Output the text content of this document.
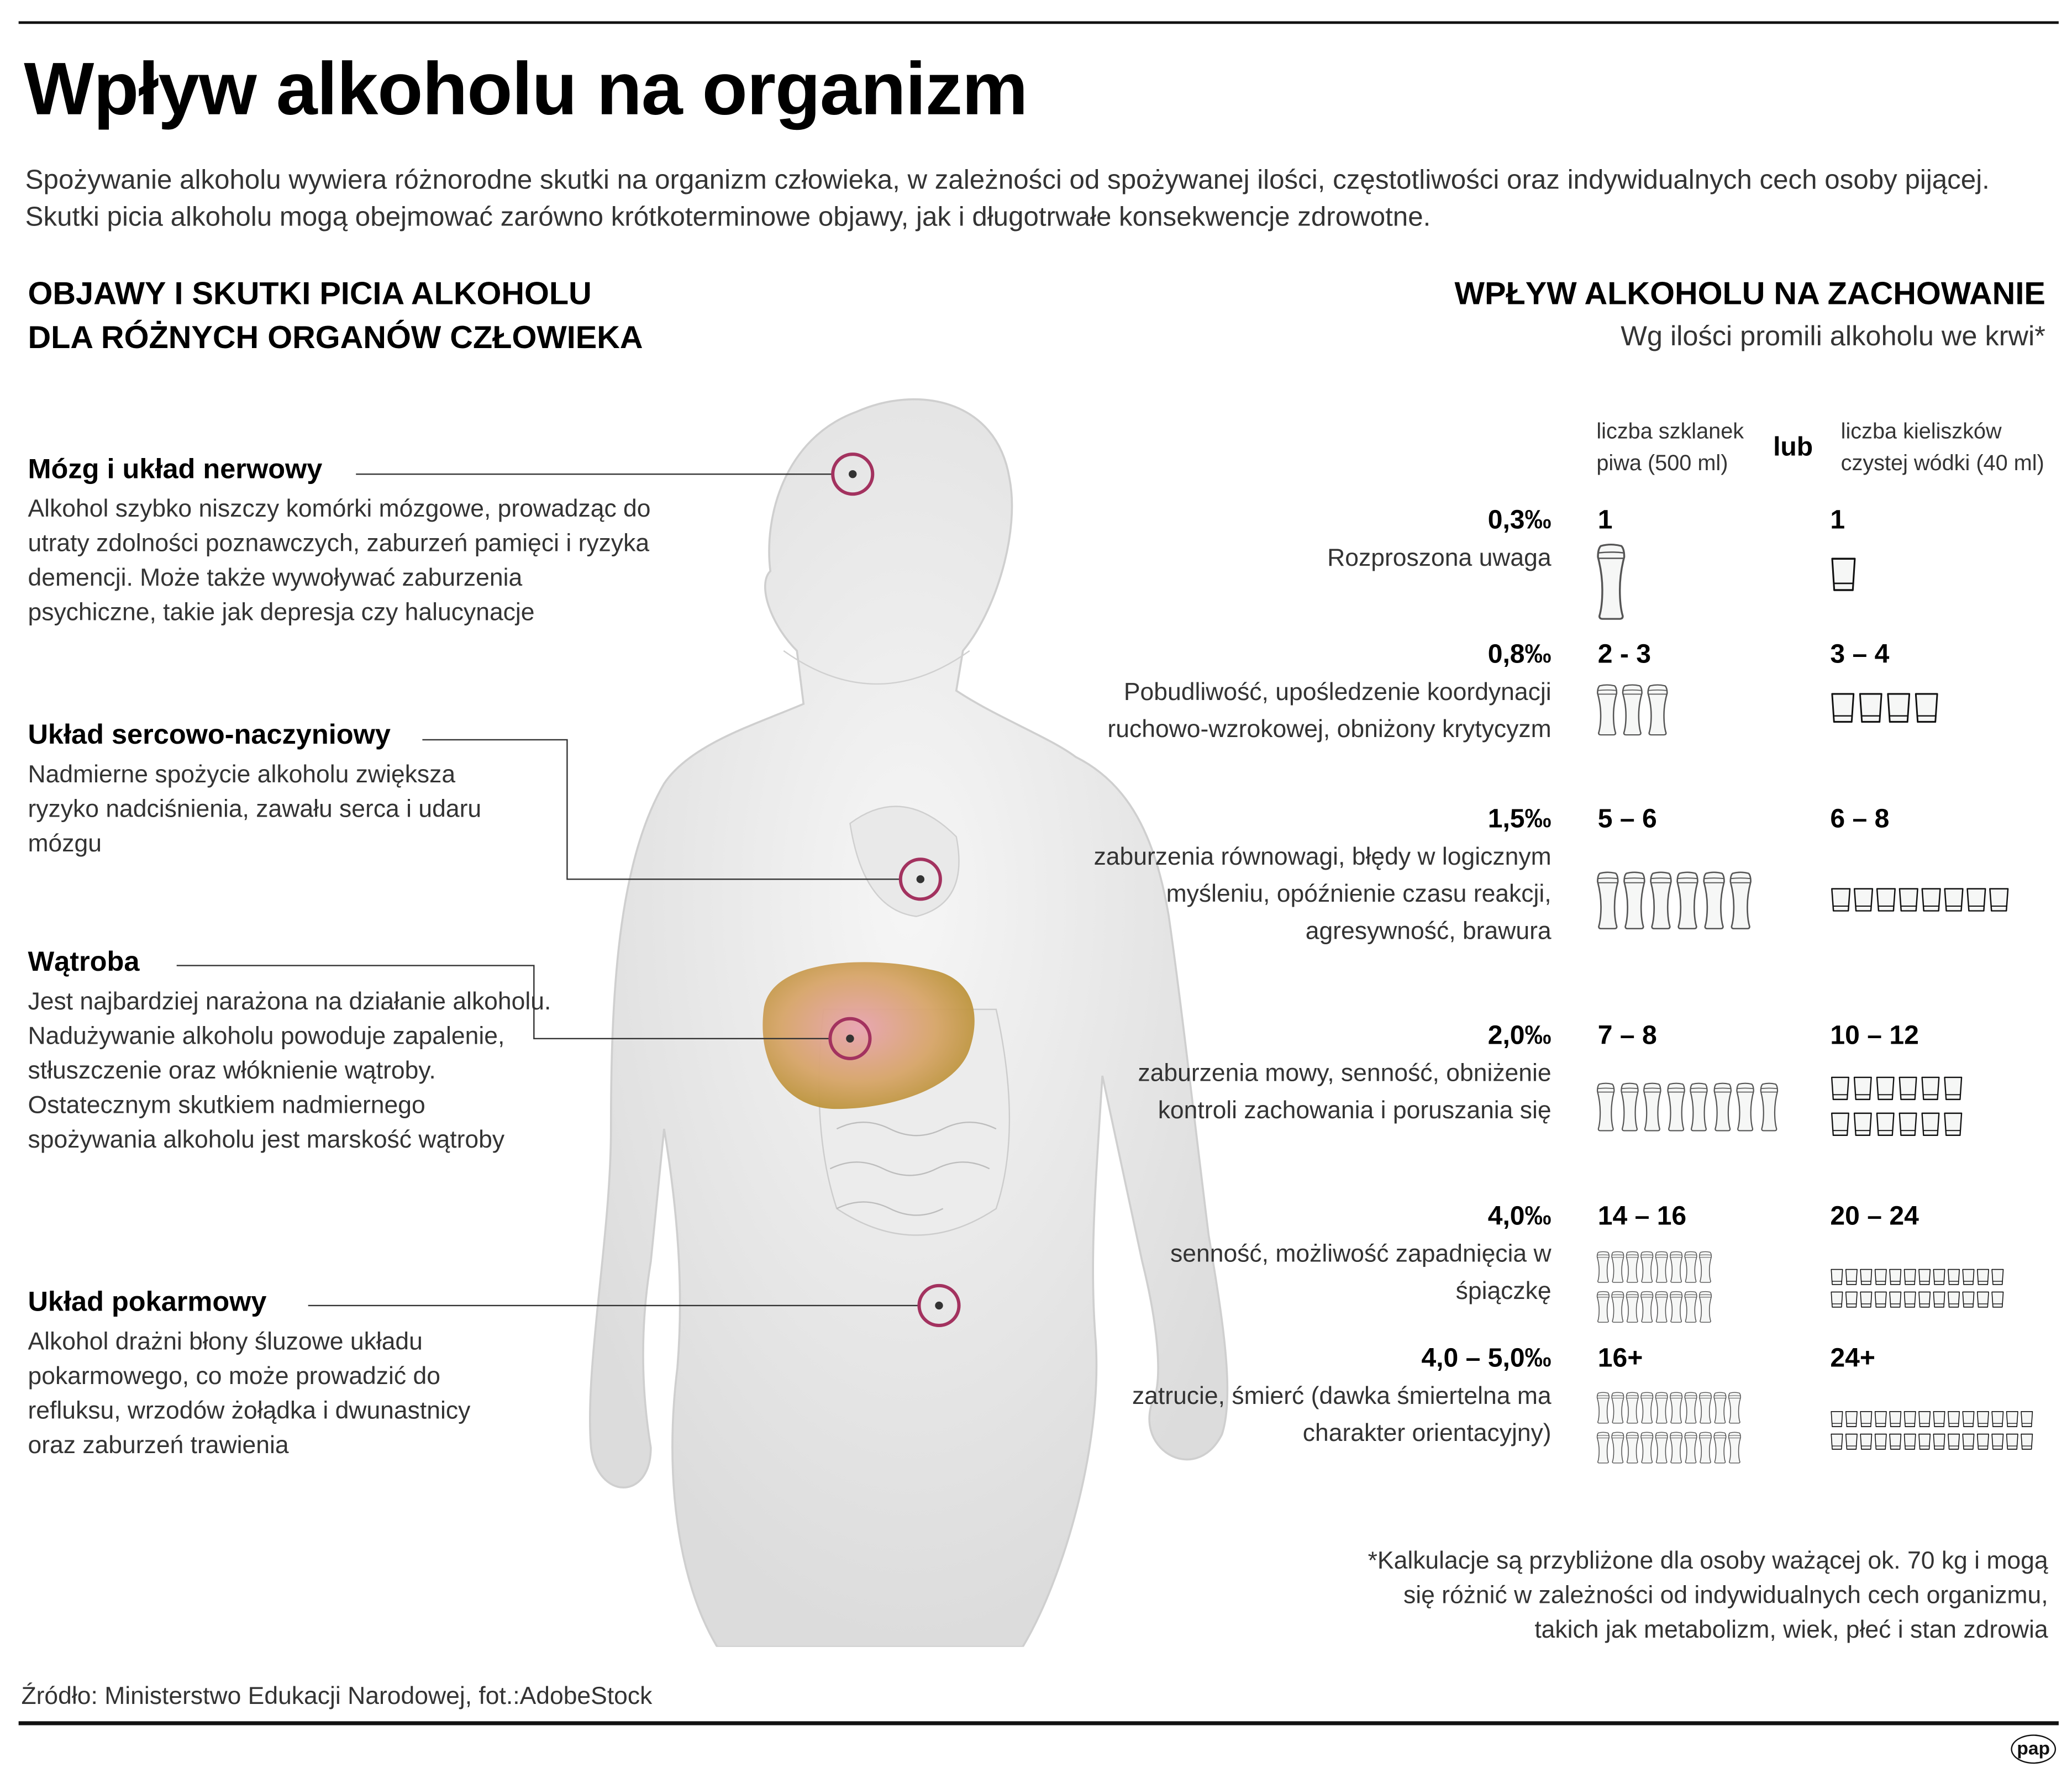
Wpływ alkoholu na organizm
Spożywanie alkoholu wywiera różnorodne skutki na organizm człowieka, w zależności od spożywanej ilości, częstotliwości oraz indywidualnych cech osoby pijącej. Skutki picia alkoholu mogą obejmować zarówno krótkoterminowe objawy, jak i długotrwałe konsekwencje zdrowotne.
OBJAWY I SKUTKI PICIA ALKOHOLU
DLA RÓŻNYCH ORGANÓW CZŁOWIEKA
Mózg i układ nerwowy
Alkohol szybko niszczy komórki mózgowe, prowadząc do utraty zdolności poznawczych, zaburzeń pamięci i ryzyka demencji. Może także wywoływać zaburzenia psychiczne, takie jak depresja czy halucynacje
Układ sercowo-naczyniowy
Nadmierne spożycie alkoholu zwiększa ryzyko nadciśnienia, zawału serca i udaru mózgu
Wątroba
Jest najbardziej narażona na działanie alkoholu. Nadużywanie alkoholu powoduje zapalenie, stłuszczenie oraz włóknienie wątroby. Ostatecznym skutkiem nadmiernego spożywania alkoholu jest marskość wątroby
Układ pokarmowy
Alkohol drażni błony śluzowe układu pokarmowego, co może prowadzić do refluksu, wrzodów żołądka i dwunastnicy oraz zaburzeń trawienia
WPŁYW ALKOHOLU NA ZACHOWANIE
Wg ilości promili alkoholu we krwi*
liczba szklanek piwa (500 ml)
lub
liczba kieliszków czystej wódki (40 ml)
0,3‰
Rozproszona uwaga
1	1
0,8‰
Pobudliwość, upośledzenie koordynacji ruchowo-wzrokowej, obniżony krytycyzm
2 - 3	3 – 4
1,5‰
zaburzenia równowagi, błędy w logicznym myśleniu, opóźnienie czasu reakcji, agresywność, brawura
5 – 6	6 – 8
2,0‰
zaburzenia mowy, senność, obniżenie kontroli zachowania i poruszania się
7 – 8	10 – 12
4,0‰
senność, możliwość zapadnięcia w śpiączkę
14 – 16	20 – 24
4,0 – 5,0‰
zatrucie, śmierć (dawka śmiertelna ma charakter orientacyjny)
16+	24+
*Kalkulacje są przybliżone dla osoby ważącej ok. 70 kg i mogą się różnić w zależności od indywidualnych cech organizmu, takich jak metabolizm, wiek, płeć i stan zdrowia
Źródło: Ministerstwo Edukacji Narodowej, fot.:AdobeStock
pap
